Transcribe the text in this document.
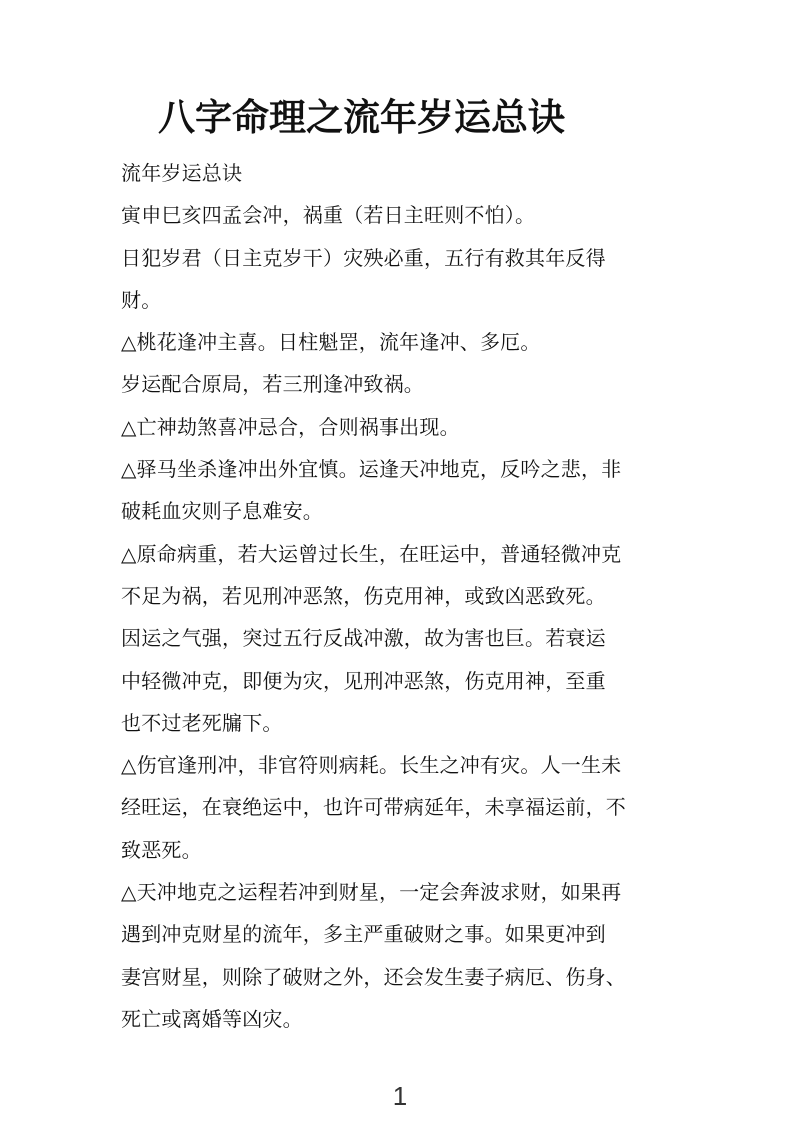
八字命理之流年岁运总诀

流年岁运总诀

寅申巳亥四孟会冲，祸重（若日主旺则不怕）。

日犯岁君（日主克岁干）灾殃必重，五行有救其年反得

财。

△桃花逢冲主喜。日柱魁罡，流年逢冲、多厄。

岁运配合原局，若三刑逢冲致祸。

△亡神劫煞喜冲忌合，合则祸事出现。

△驿马坐杀逢冲出外宜慎。运逢天冲地克，反吟之悲，非

破耗血灾则子息难安。

△原命病重，若大运曾过长生，在旺运中，普通轻微冲克

不足为祸，若见刑冲恶煞，伤克用神，或致凶恶致死。

因运之气强，突过五行反战冲激，故为害也巨。若衰运

中轻微冲克，即便为灾，见刑冲恶煞，伤克用神，至重

也不过老死牖下。

△伤官逢刑冲，非官符则病耗。长生之冲有灾。人一生未

经旺运，在衰绝运中，也许可带病延年，未享福运前，不

致恶死。

△天冲地克之运程若冲到财星，一定会奔波求财，如果再

遇到冲克财星的流年，多主严重破财之事。如果更冲到

妻宫财星，则除了破财之外，还会发生妻子病厄、伤身、

死亡或离婚等凶灾。

1
